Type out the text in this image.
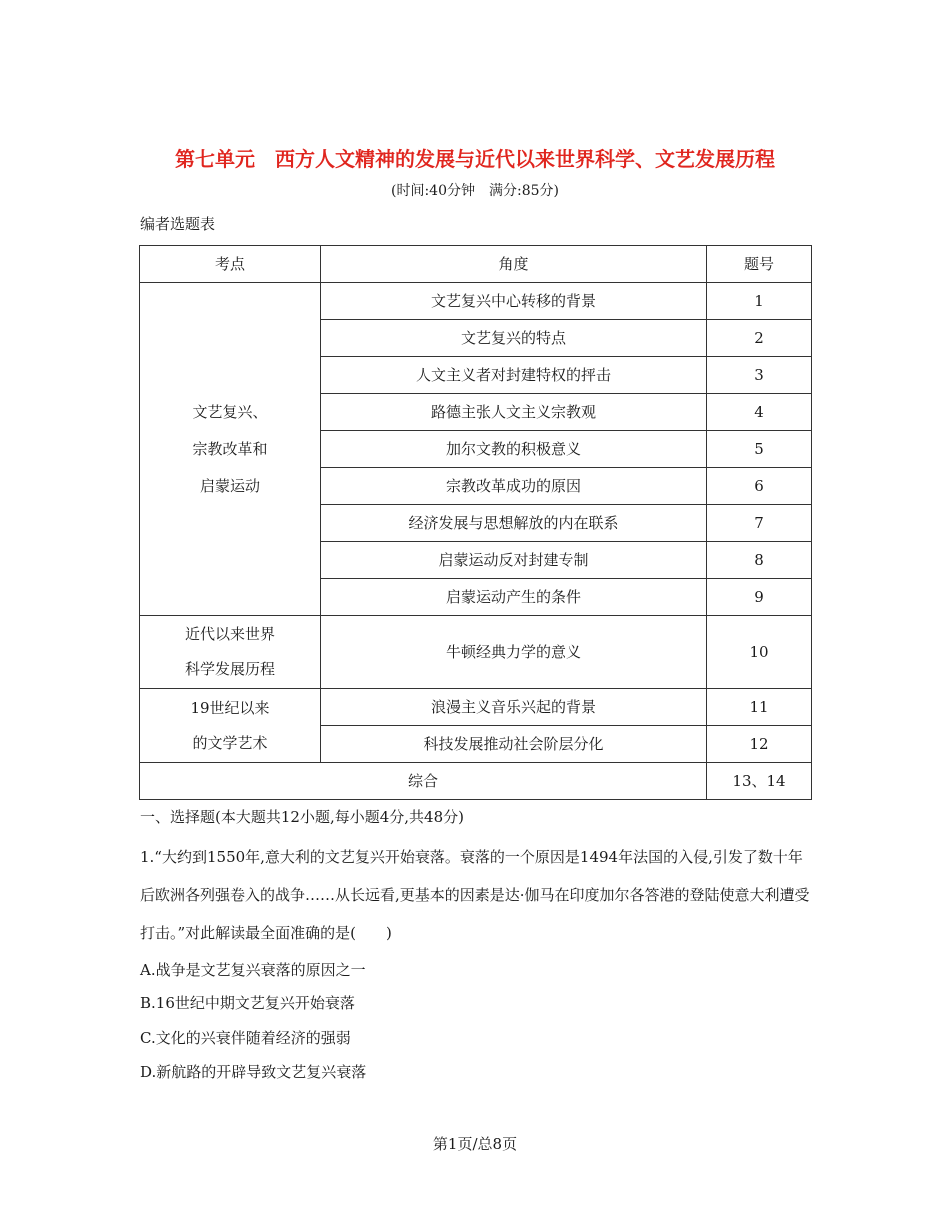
第七单元　西方人文精神的发展与近代以来世界科学、文艺发展历程
(时间:40分钟　满分:85分)
编者选题表
考点	角度	题号

文艺复兴、
宗教改革和
启蒙运动	文艺复兴中心转移的背景	1
	文艺复兴的特点	2
	人文主义者对封建特权的抨击	3
	路德主张人文主义宗教观	4
	加尔文教的积极意义	5
	宗教改革成功的原因	6
	经济发展与思想解放的内在联系	7
	启蒙运动反对封建专制	8
	启蒙运动产生的条件	9

近代以来世界
科学发展历程	牛顿经典力学的意义	10

19世纪以来
的文学艺术	浪漫主义音乐兴起的背景	11
	科技发展推动社会阶层分化	12
综合		13、14
一、选择题(本大题共12小题,每小题4分,共48分)
1.“大约到1550年,意大利的文艺复兴开始衰落。衰落的一个原因是1494年法国的入侵,引发了数十年后欧洲各列强卷入的战争……从长远看,更基本的因素是达·伽马在印度加尔各答港的登陆使意大利遭受打击。”对此解读最全面准确的是(　　)
A.战争是文艺复兴衰落的原因之一
B.16世纪中期文艺复兴开始衰落
C.文化的兴衰伴随着经济的强弱
D.新航路的开辟导致文艺复兴衰落
第1页/总8页
